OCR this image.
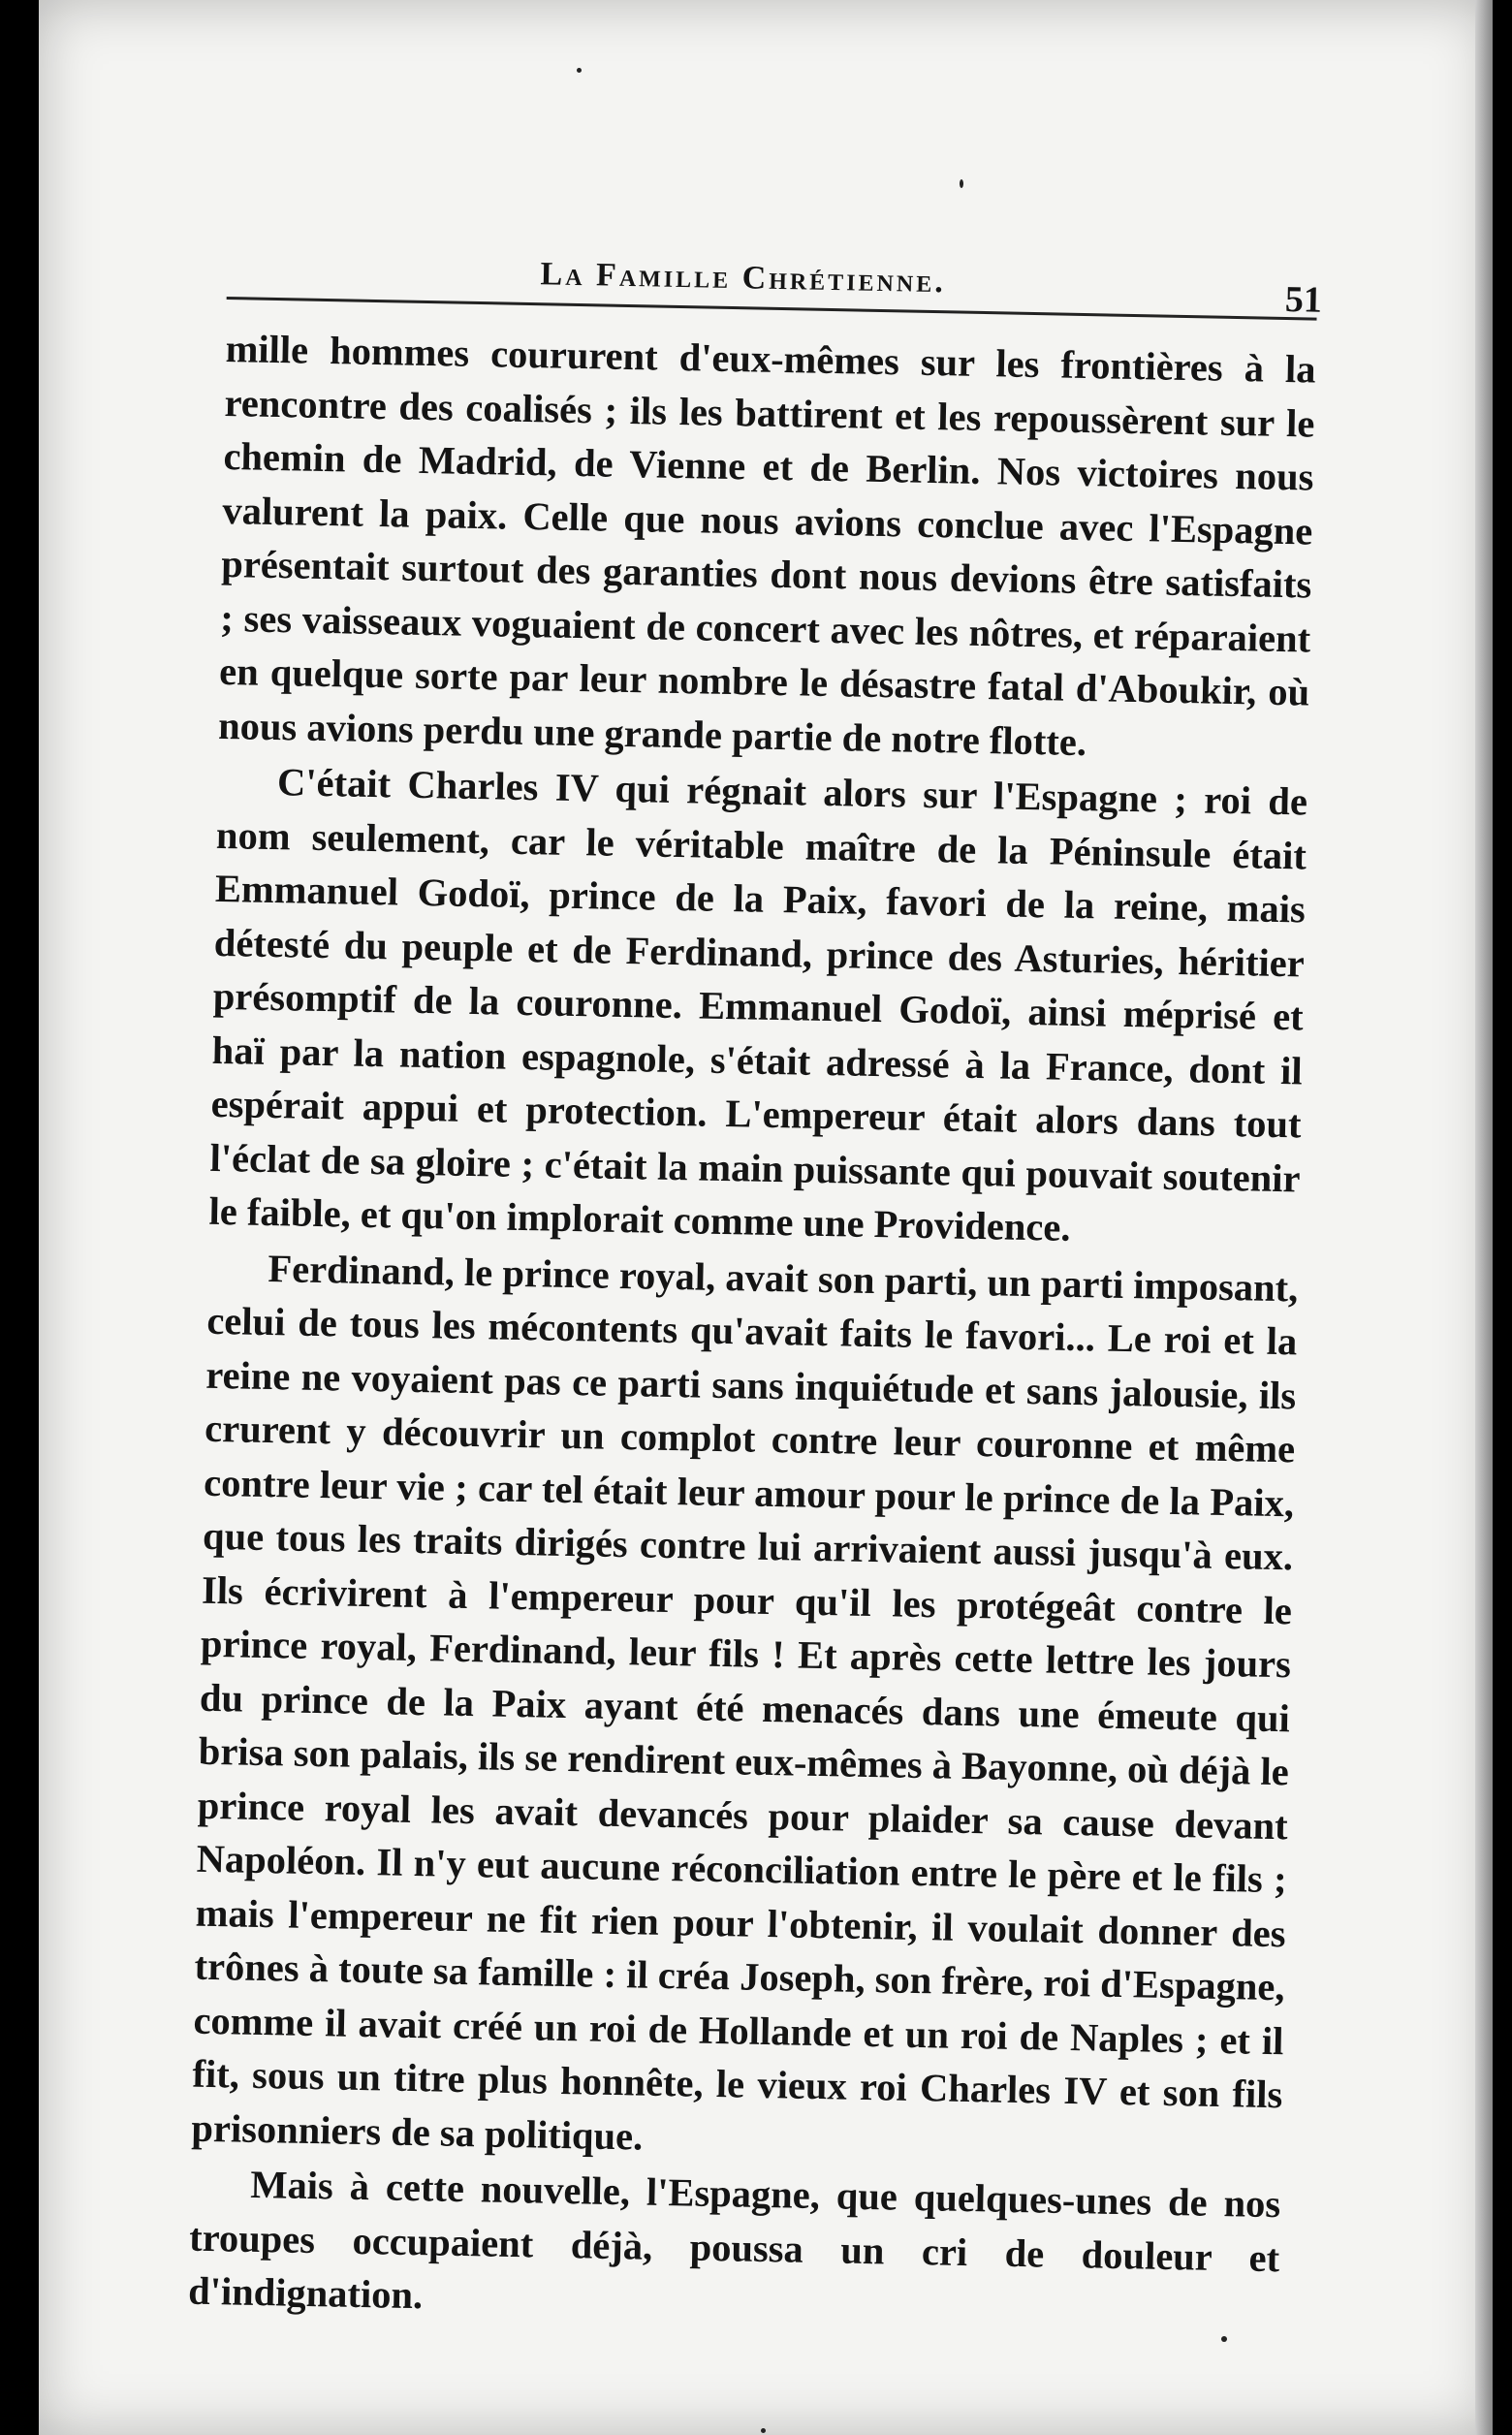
La Famille Chrétienne.
51

mille hommes coururent d'eux-mêmes sur les frontières à la rencontre des coalisés ; ils les battirent et les repoussèrent sur le chemin de Madrid, de Vienne et de Berlin. Nos victoires nous valurent la paix. Celle que nous avions conclue avec l'Espagne présentait surtout des garanties dont nous devions être satisfaits ; ses vaisseaux voguaient de concert avec les nôtres, et réparaient en quelque sorte par leur nombre le désastre fatal d'Aboukir, où nous avions perdu une grande partie de notre flotte.

C'était Charles IV qui régnait alors sur l'Espagne ; roi de nom seulement, car le véritable maître de la Péninsule était Emmanuel Godoï, prince de la Paix, favori de la reine, mais détesté du peuple et de Ferdinand, prince des Asturies, héritier présomptif de la couronne. Emmanuel Godoï, ainsi méprisé et haï par la nation espagnole, s'était adressé à la France, dont il espérait appui et protection. L'empereur était alors dans tout l'éclat de sa gloire ; c'était la main puissante qui pouvait soutenir le faible, et qu'on implorait comme une Providence.

Ferdinand, le prince royal, avait son parti, un parti imposant, celui de tous les mécontents qu'avait faits le favori... Le roi et la reine ne voyaient pas ce parti sans inquiétude et sans jalousie, ils crurent y découvrir un complot contre leur couronne et même contre leur vie ; car tel était leur amour pour le prince de la Paix, que tous les traits dirigés contre lui arrivaient aussi jusqu'à eux. Ils écrivirent à l'empereur pour qu'il les protégeât contre le prince royal, Ferdinand, leur fils ! Et après cette lettre les jours du prince de la Paix ayant été menacés dans une émeute qui brisa son palais, ils se rendirent eux-mêmes à Bayonne, où déjà le prince royal les avait devancés pour plaider sa cause devant Napoléon. Il n'y eut aucune réconciliation entre le père et le fils ; mais l'empereur ne fit rien pour l'obtenir, il voulait donner des trônes à toute sa famille : il créa Joseph, son frère, roi d'Espagne, comme il avait créé un roi de Hollande et un roi de Naples ; et il fit, sous un titre plus honnête, le vieux roi Charles IV et son fils prisonniers de sa politique.

Mais à cette nouvelle, l'Espagne, que quelques-unes de nos troupes occupaient déjà, poussa un cri de douleur et d'indignation.
